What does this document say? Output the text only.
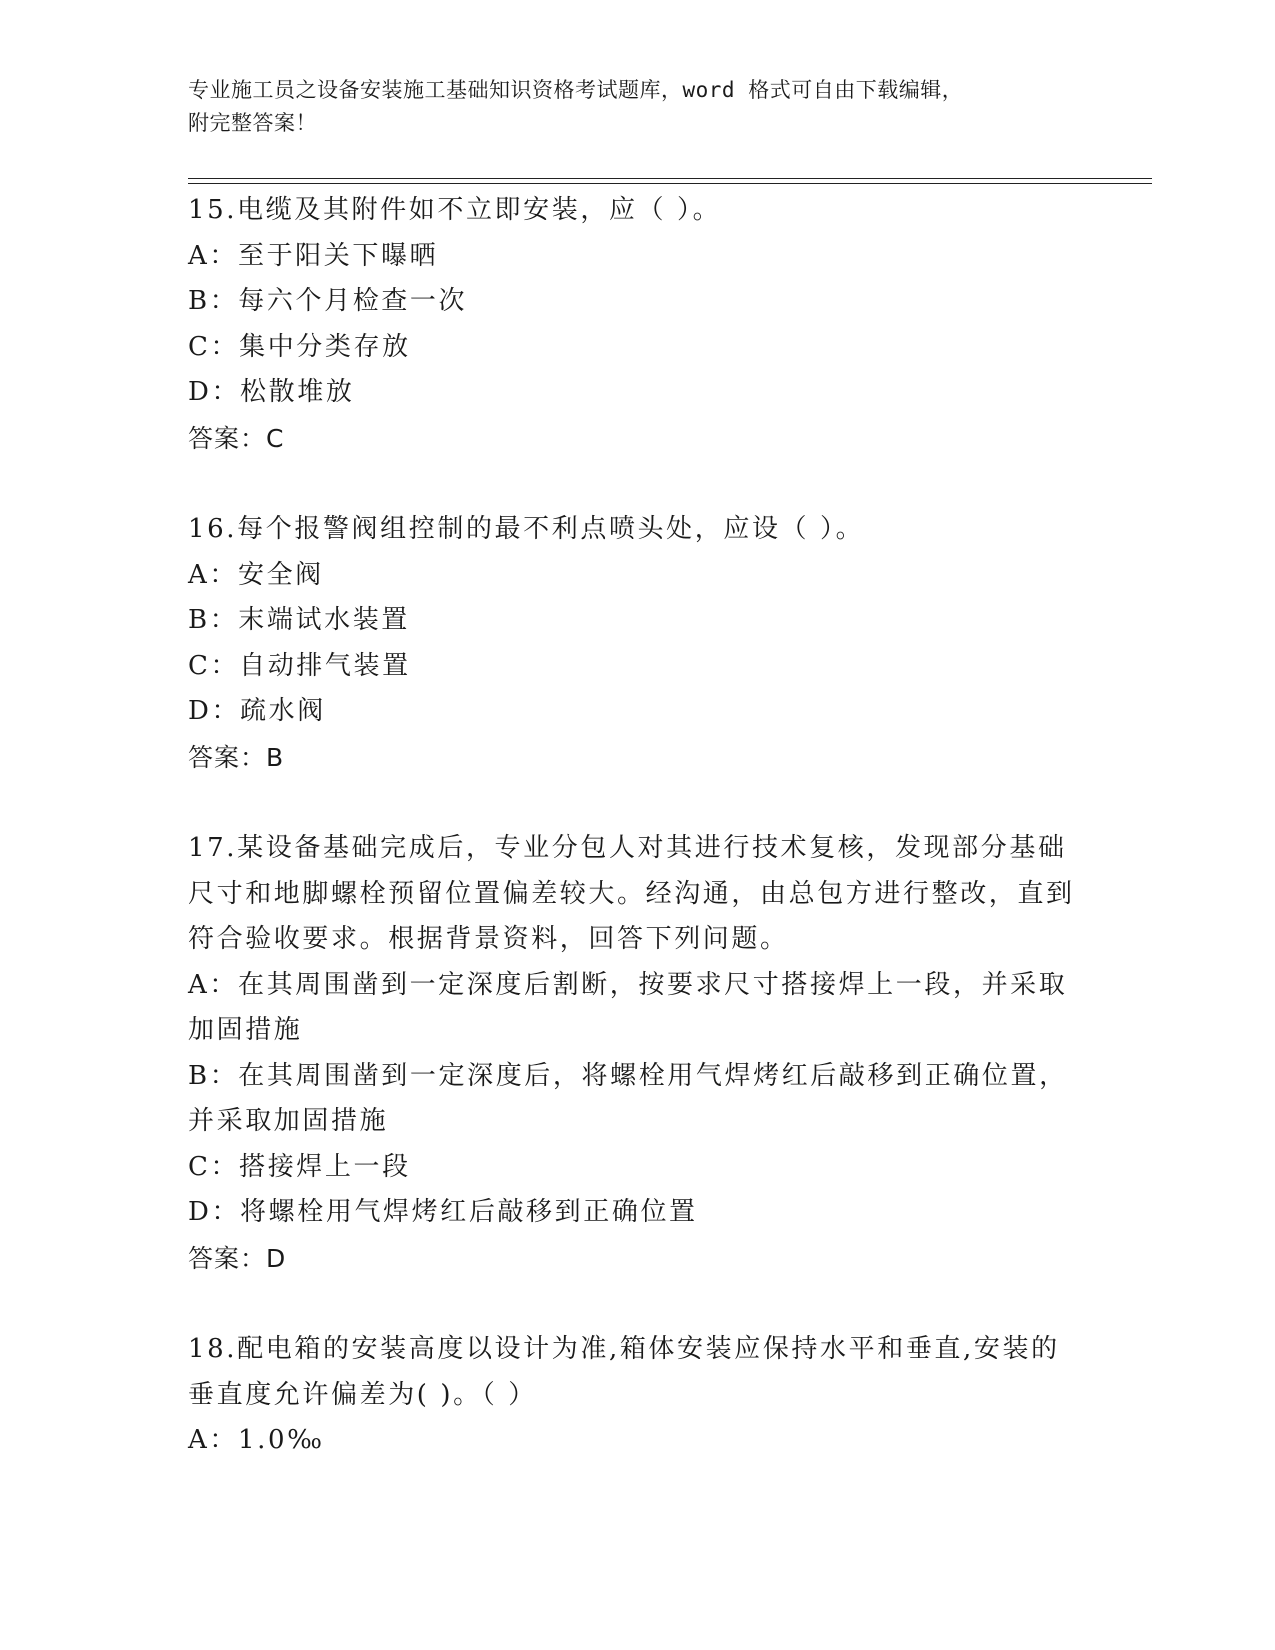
专业施工员之设备安装施工基础知识资格考试题库，word 格式可自由下载编辑，
附完整答案！

15.电缆及其附件如不立即安装，应（ ）。

A：至于阳关下曝晒

B：每六个月检查一次

C：集中分类存放

D：松散堆放

答案：C

16.每个报警阀组控制的最不利点喷头处，应设（ ）。

A：安全阀

B：末端试水装置

C：自动排气装置

D：疏水阀

答案：B

17.某设备基础完成后，专业分包人对其进行技术复核，发现部分基础尺寸和地脚螺栓预留位置偏差较大。经沟通，由总包方进行整改，直到符合验收要求。根据背景资料，回答下列问题。

A：在其周围凿到一定深度后割断，按要求尺寸搭接焊上一段，并采取加固措施

B：在其周围凿到一定深度后，将螺栓用气焊烤红后敲移到正确位置，并采取加固措施

C：搭接焊上一段

D：将螺栓用气焊烤红后敲移到正确位置

答案：D

18.配电箱的安装高度以设计为准,箱体安装应保持水平和垂直,安装的垂直度允许偏差为( )。（ ）

A：1.0‰
